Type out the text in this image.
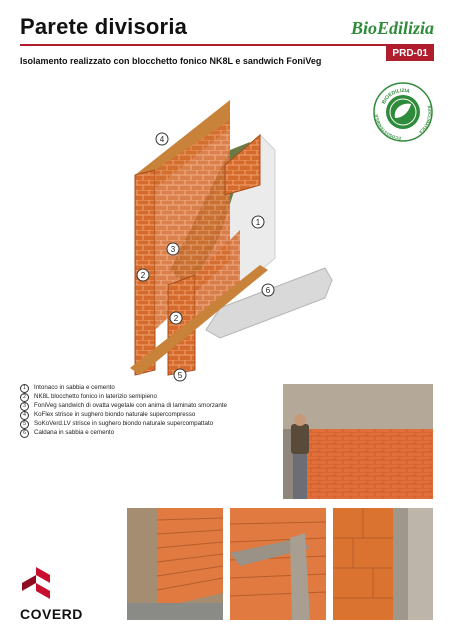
Parete divisoria	BioEdilizia
PRD-01
Isolamento realizzato con blocchetto fonico NK8L e sandwich FoniVeg
BIOEDILIZIA
ECOSOSTENIBILE
BIOCLIMATICA
1
2
2
3
4
5
6
1	Intonaco in sabbia e cemento
2	NK8L blocchetto fonico in laterizio semipieno
3	FoniVeg sandwich di ovatta vegetale con anima di laminato smorzante
4	KoFlex strisce in sughero biondo naturale supercompresso
5	SoKoVerd.LV strisce in sughero biondo naturale supercompattato
6	Caldana in sabbia e cemento
COVERD
